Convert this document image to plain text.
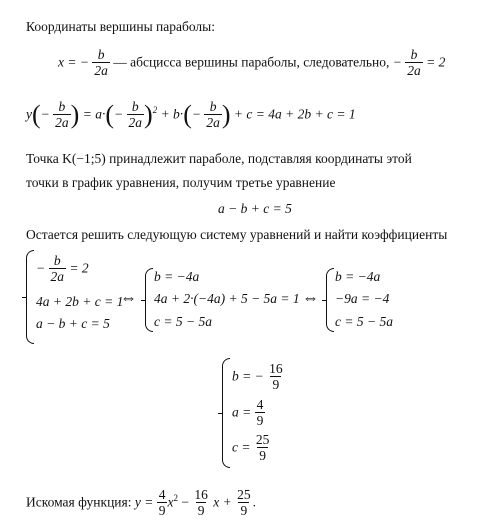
Координаты вершины параболы:
x = − $\frac{b}{2a}$ — абсцисса вершины параболы, следовательно, − $\frac{b}{2a} = 2$
$y(- \frac{b}{2a}$ ) = $a\cdot(- \frac{b}{2a} )^2 + b\cdot(- \frac{b}{2a}$ ) + c = 4a + 2b + c = 1
Точка K(−1;5) принадлежит параболе, подставляя координаты этой
точки в график уравнения, получим третье уравнение
a − b + c = 5
Остается решить следующую систему уравнений и найти коэффициенты
− $\frac{b}{2a} = 2$
4a + 2b + c = 1
a − b + c = 5
⇔
b = −4a
4a + 2·(−4a) + 5 − 5a = 1
c = 5 − 5a
⇔
b = −4a
−9a = −4
c = 5 − 5a
b = − $\frac{16}{9}$
$a = \frac{4}{9}$
$c = \frac{25}{9}$
Искомая функция: $y = \frac{4}{9} x^2 - \frac{16}{9}$ $x + \frac{25}{9}$ .
